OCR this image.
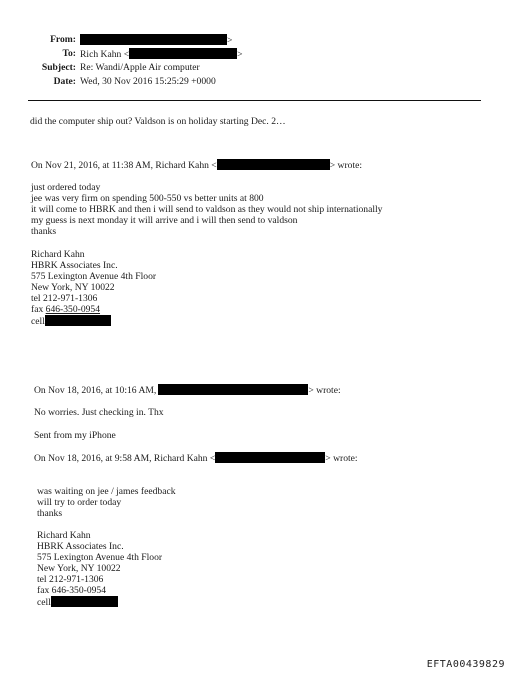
From:	>
To: Rich Kahn <	>
Subject: Re: Wandi/Apple Air computer
Date: Wed, 30 Nov 2016 15:25:29 +0000
did the computer ship out? Valdson is on holiday starting Dec. 2…
On Nov 21, 2016, at 11:38 AM, Richard Kahn <	> wrote:
just ordered today
jee was very firm on spending 500-550 vs better units at 800
it will come to HBRK and then i will send to valdson as they would not ship internationally
my guess is next monday it will arrive and i will then send to valdson
thanks
Richard Kahn
HBRK Associates Inc.
575 Lexington Avenue 4th Floor
New York, NY 10022
tel 212-971-1306
fax 646-350-0954
cell
On Nov 18, 2016, at 10:16 AM,	> wrote:
No worries. Just checking in. Thx
Sent from my iPhone
On Nov 18, 2016, at 9:58 AM, Richard Kahn <	> wrote:
was waiting on jee / james feedback
will try to order today
thanks
Richard Kahn
HBRK Associates Inc.
575 Lexington Avenue 4th Floor
New York, NY 10022
tel 212-971-1306
fax 646-350-0954
cell
EFTA00439829
